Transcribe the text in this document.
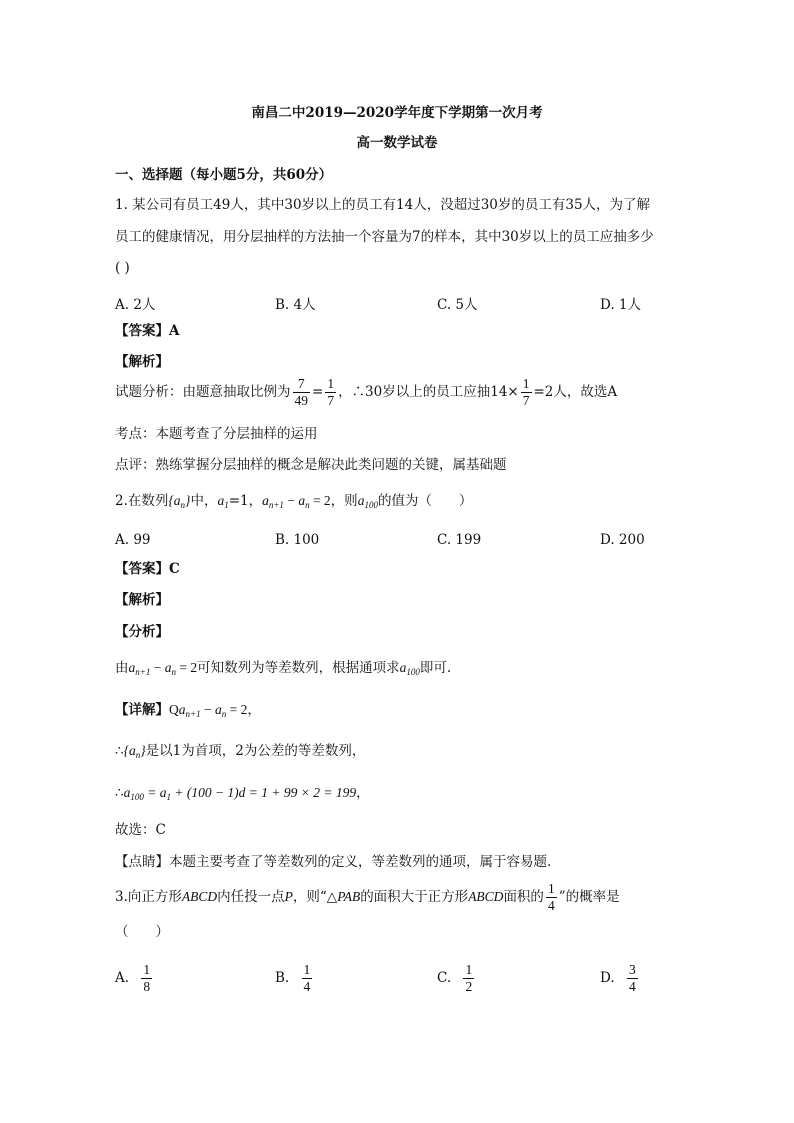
南昌二中2019—2020学年度下学期第一次月考
高一数学试卷
一、选择题（每小题5分，共60分）
1. 某公司有员工49人，其中30岁以上的员工有14人，没超过30岁的员工有35人，为了解
员工的健康情况，用分层抽样的方法抽一个容量为7的样本，其中30岁以上的员工应抽多少
( )
A. 2人	B. 4人	C. 5人	D. 1人
【答案】A
【解析】
试题分析：由题意抽取比例为 $\frac{7}{49} = \frac{1}{7}$ ，∴30岁以上的员工应抽$14\times \frac{1}{7} =2$人，故选A
考点：本题考查了分层抽样的运用
点评：熟练掌握分层抽样的概念是解决此类问题的关键，属基础题
2.在数列$\{a_n\}$中，$a_1=1$，$a_{n+1} - a_n = 2$，则$a_{100}$的值为（　　）
A. 99	B. 100	C. 199	D. 200
【答案】C
【解析】
【分析】
由$a_{n+1} - a_n = 2$可知数列为等差数列，根据通项求$a_{100}$即可.
【详解】$Qa_{n+1} - a_n = 2$，
$\therefore\{a_n\}$是以1为首项，2为公差的等差数列，
$\therefore a_{100} = a_1 + (100 - 1)d = 1 + 99 \times 2 = 199$，
故选：C
【点睛】本题主要考查了等差数列的定义，等差数列的通项，属于容易题.
3.向正方形ABCD内任投一点P，则“△PAB的面积大于正方形ABCD面积的 $\frac{1}{4}$ ”的概率是
（　　）
A. $\frac{1}{8}$	B. $\frac{1}{4}$	C. $\frac{1}{2}$	D. $\frac{3}{4}$
